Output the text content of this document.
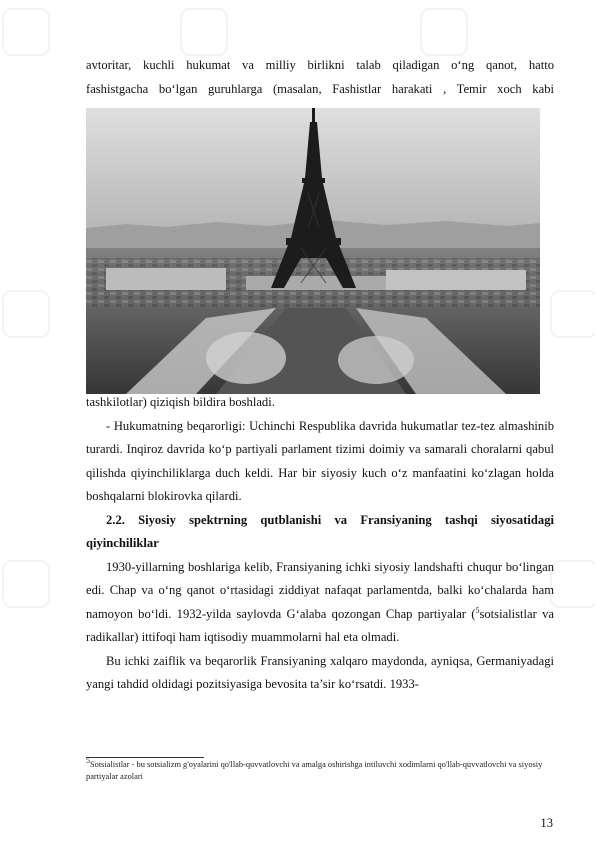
avtoritar, kuchli hukumat va milliy birlikni talab qiladigan o‘ng qanot, hatto
fashistgacha bo‘lgan guruhlarga (masalan, Fashistlar harakati , Temir xoch kabi
tashkilotlar) qiziqish bildira boshladi.

- Hukumatning beqarorligi: Uchinchi Respublika davrida hukumatlar tez-tez almashinib turardi. Inqiroz davrida ko‘p partiyali parlament tizimi doimiy va samarali choralarni qabul qilishda qiyinchiliklarga duch keldi. Har bir siyosiy kuch o‘z manfaatini ko‘zlagan holda boshqalarni blokirovka qilardi.

2.2. Siyosiy spektrning qutblanishi va Fransiyaning tashqi siyosatidagi qiyinchiliklar

1930-yillarning boshlariga kelib, Fransiyaning ichki siyosiy landshafti chuqur bo‘lingan edi. Chap va o‘ng qanot o‘rtasidagi ziddiyat nafaqat parlamentda, balki ko‘chalarda ham namoyon bo‘ldi. 1932-yilda saylovda G‘alaba qozongan Chap partiyalar ($^5$sotsialistlar va radikallar) ittifoqi ham iqtisodiy muammolarni hal eta olmadi.

Bu ichki zaiflik va beqarorlik Fransiyaning xalqaro maydonda, ayniqsa, Germaniyadagi yangi tahdid oldidagi pozitsiyasiga bevosita ta’sir ko‘rsatdi. 1933-

$^5$Sotsialistlar - bu sotsializm g'oyalarini qo'llab-quvvatlovchi va amalga oshirishga intiluvchi xodimlarni qo'llab-quvvatlovchi va siyosiy partiyalar azolari
13
